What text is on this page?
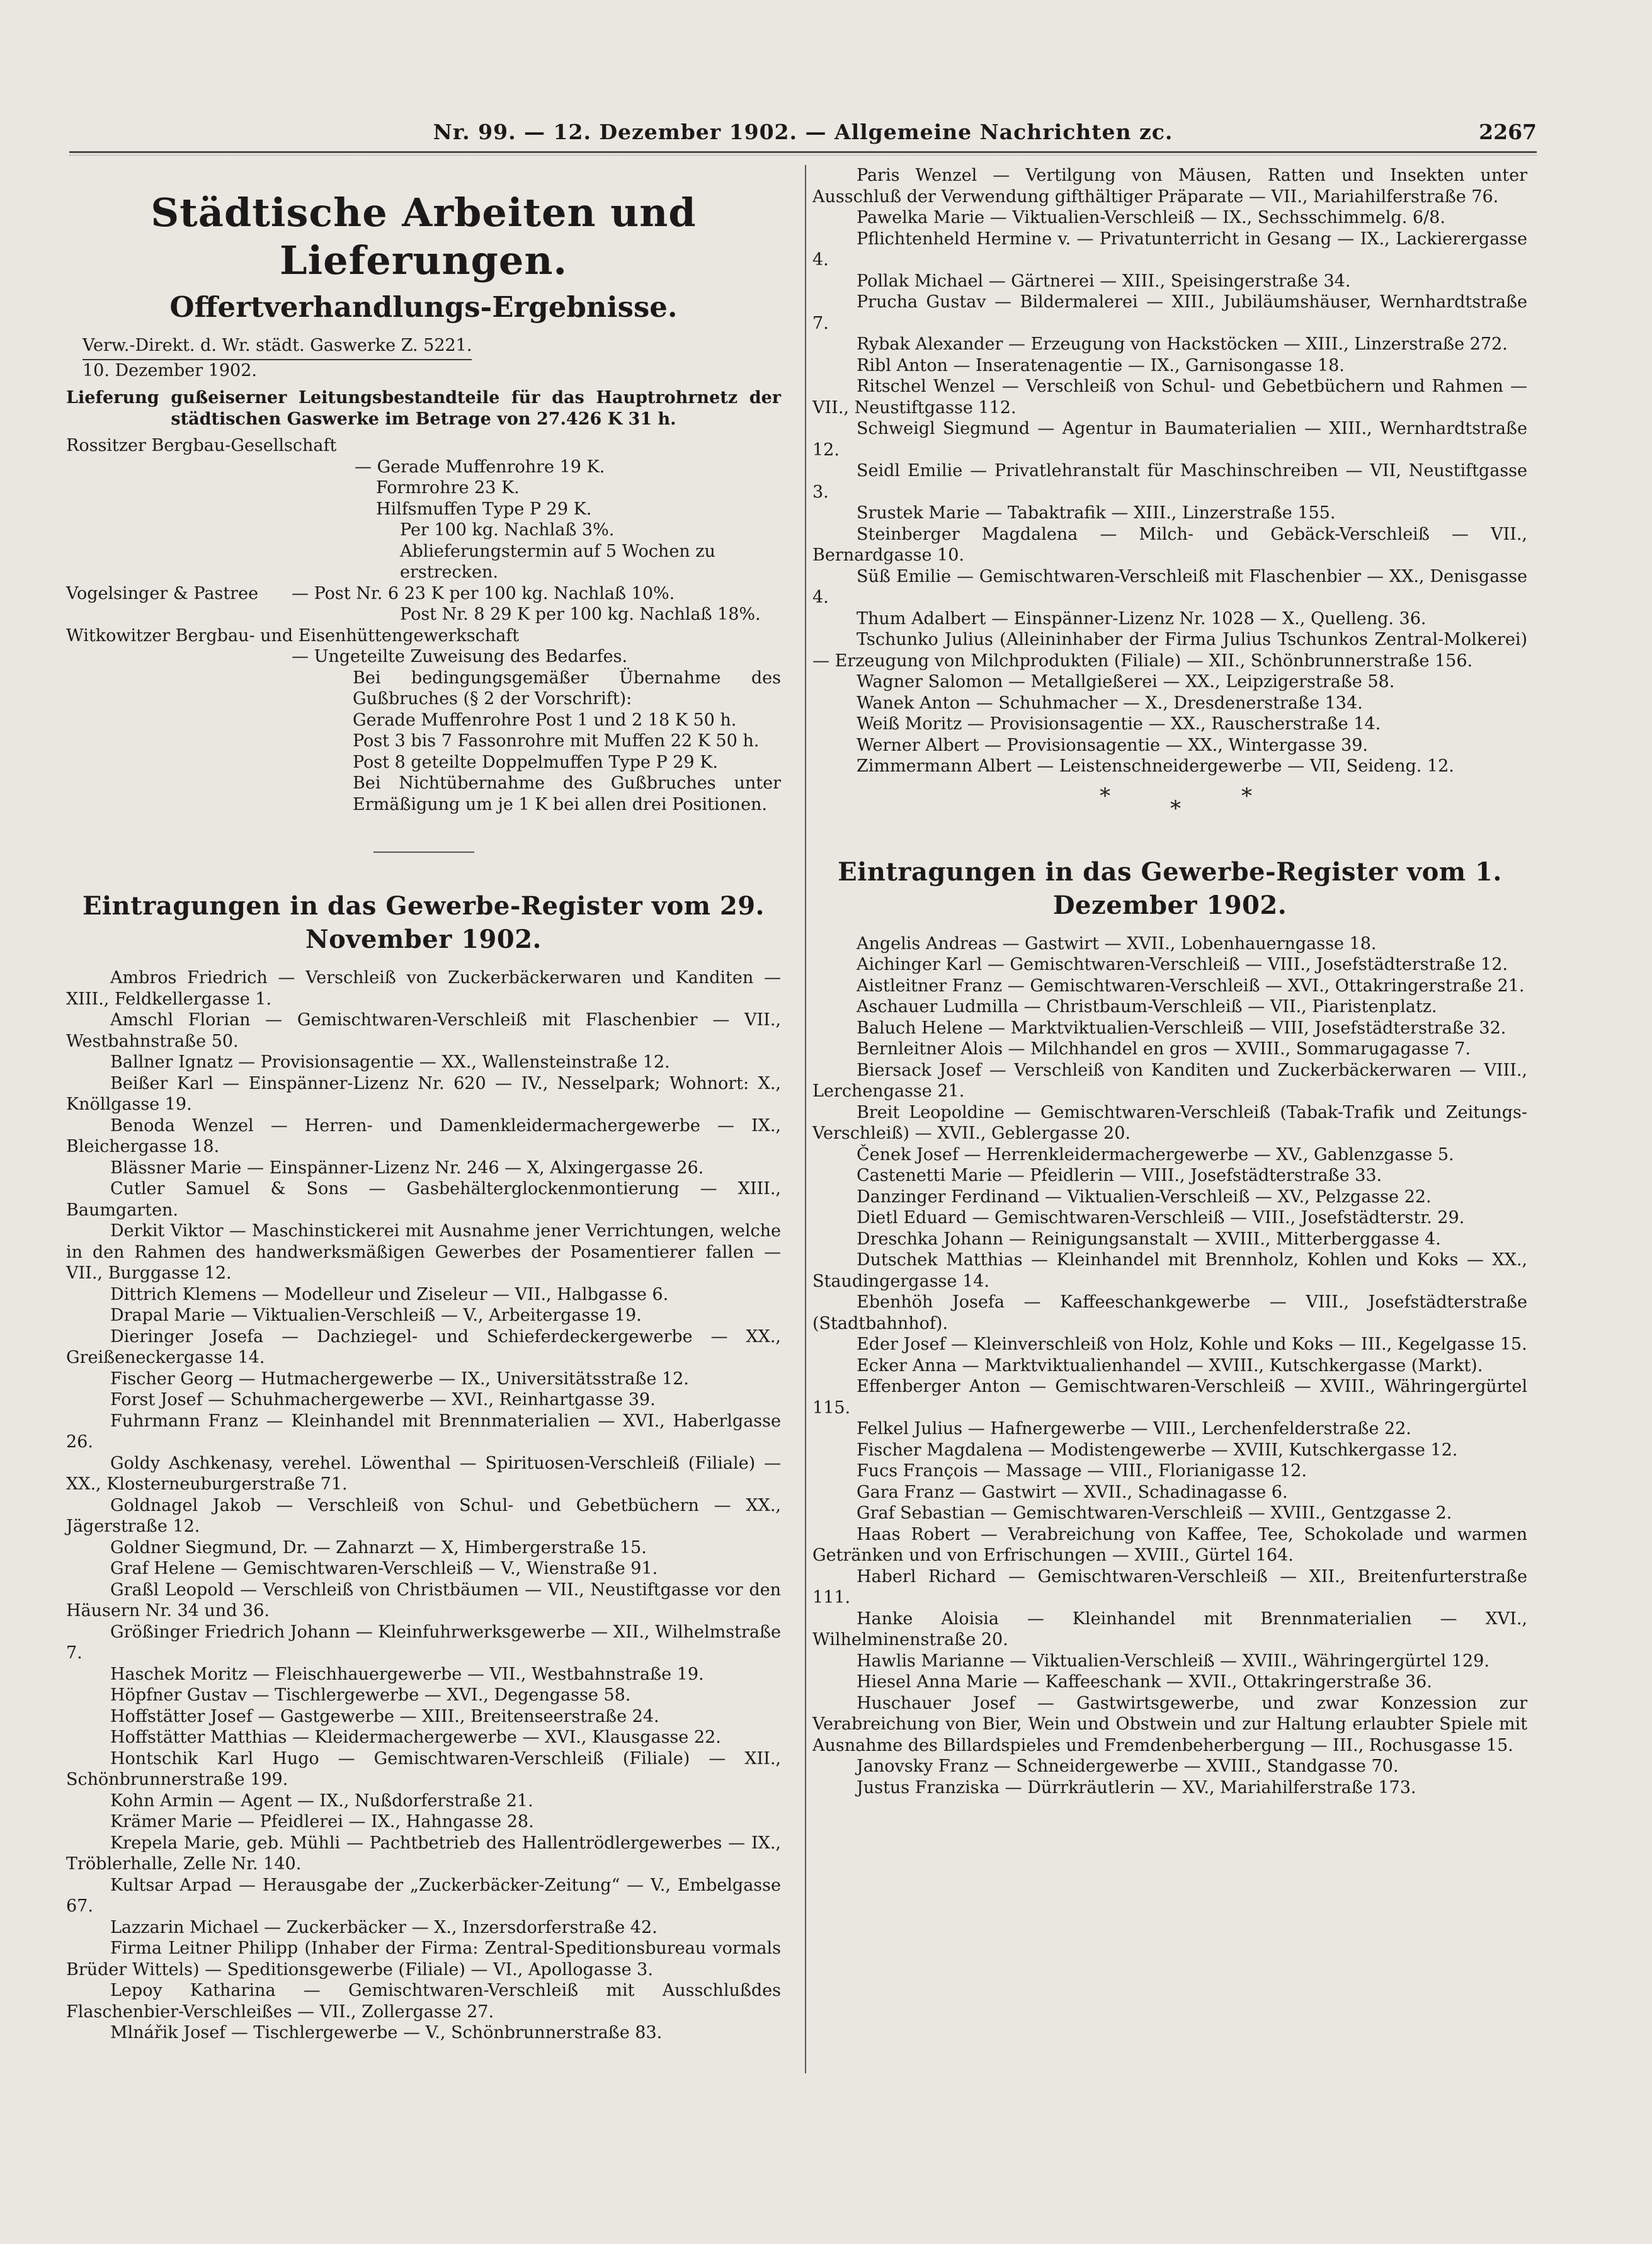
Nr. 99. — 12. Dezember 1902. — Allgemeine Nachrichten zc.	2267
Städtische Arbeiten und Lieferungen.
Offertverhandlungs-Ergebnisse.
Verw.-Direkt. d. Wr. städt. Gaswerke Z. 5221.
10. Dezember 1902.
Lieferung gußeiserner Leitungsbestandteile für das Hauptrohrnetz der städtischen Gaswerke im Betrage von 27.426 K 31 h.
Rossitzer Bergbau-Gesellschaft
— Gerade Muffenrohre 19 K.
Formrohre 23 K.
Hilfsmuffen Type P 29 K.
Per 100 kg. Nachlaß 3%.
Ablieferungstermin auf 5 Wochen zu erstrecken.
Vogelsinger & Pastree — Post Nr. 6 23 K per 100 kg. Nachlaß 10%.
Post Nr. 8 29 K per 100 kg. Nachlaß 18%.
Witkowitzer Bergbau- und Eisenhüttengewerkschaft
— Ungeteilte Zuweisung des Bedarfes.
Bei bedingungsgemäßer Übernahme des Gußbruches (§ 2 der Vorschrift):
Gerade Muffenrohre Post 1 und 2 18 K 50 h.
Post 3 bis 7 Fassonrohre mit Muffen 22 K 50 h.
Post 8 geteilte Doppelmuffen Type P 29 K.
Bei Nichtübernahme des Gußbruches unter Ermäßigung um je 1 K bei allen drei Positionen.
Eintragungen in das Gewerbe-Register vom 29. November 1902.

Ambros Friedrich — Verschleiß von Zuckerbäckerwaren und Kanditen — XIII., Feldkellergasse 1.

Amschl Florian — Gemischtwaren-Verschleiß mit Flaschenbier — VII., Westbahnstraße 50.

Ballner Ignatz — Provisionsagentie — XX., Wallensteinstraße 12.

Beißer Karl — Einspänner-Lizenz Nr. 620 — IV., Nesselpark; Wohnort: X., Knöllgasse 19.

Benoda Wenzel — Herren- und Damenkleidermachergewerbe — IX., Bleichergasse 18.

Blässner Marie — Einspänner-Lizenz Nr. 246 — X, Alxingergasse 26.

Cutler Samuel & Sons — Gasbehälterglockenmontierung — XIII., Baumgarten.

Derkit Viktor — Maschinstickerei mit Ausnahme jener Verrichtungen, welche in den Rahmen des handwerksmäßigen Gewerbes der Posamentierer fallen — VII., Burggasse 12.

Dittrich Klemens — Modelleur und Ziseleur — VII., Halbgasse 6.

Drapal Marie — Viktualien-Verschleiß — V., Arbeitergasse 19.

Dieringer Josefa — Dachziegel- und Schieferdeckergewerbe — XX., Greißeneckergasse 14.

Fischer Georg — Hutmachergewerbe — IX., Universitätsstraße 12.

Forst Josef — Schuhmachergewerbe — XVI., Reinhartgasse 39.

Fuhrmann Franz — Kleinhandel mit Brennmaterialien — XVI., Haberlgasse 26.

Goldy Aschkenasy, verehel. Löwenthal — Spirituosen-Verschleiß (Filiale) — XX., Klosterneuburgerstraße 71.

Goldnagel Jakob — Verschleiß von Schul- und Gebetbüchern — XX., Jägerstraße 12.

Goldner Siegmund, Dr. — Zahnarzt — X, Himbergerstraße 15.

Graf Helene — Gemischtwaren-Verschleiß — V., Wienstraße 91.

Graßl Leopold — Verschleiß von Christbäumen — VII., Neustiftgasse vor den Häusern Nr. 34 und 36.

Größinger Friedrich Johann — Kleinfuhrwerksgewerbe — XII., Wilhelmstraße 7.

Haschek Moritz — Fleischhauergewerbe — VII., Westbahnstraße 19.

Höpfner Gustav — Tischlergewerbe — XVI., Degengasse 58.

Hoffstätter Josef — Gastgewerbe — XIII., Breitenseerstraße 24.

Hoffstätter Matthias — Kleidermachergewerbe — XVI., Klausgasse 22.

Hontschik Karl Hugo — Gemischtwaren-Verschleiß (Filiale) — XII., Schönbrunnerstraße 199.

Kohn Armin — Agent — IX., Nußdorferstraße 21.

Krämer Marie — Pfeidlerei — IX., Hahngasse 28.

Krepela Marie, geb. Mühli — Pachtbetrieb des Hallentrödlergewerbes — IX., Tröblerhalle, Zelle Nr. 140.

Kultsar Arpad — Herausgabe der „Zuckerbäcker-Zeitung“ — V., Embelgasse 67.

Lazzarin Michael — Zuckerbäcker — X., Inzersdorferstraße 42.

Firma Leitner Philipp (Inhaber der Firma: Zentral-Speditionsbureau vormals Brüder Wittels) — Speditionsgewerbe (Filiale) — VI., Apollogasse 3.

Lepoy Katharina — Gemischtwaren-Verschleiß mit Ausschlußdes Flaschenbier-Verschleißes — VII., Zollergasse 27.

Mlnářik Josef — Tischlergewerbe — V., Schönbrunnerstraße 83.

Paris Wenzel — Vertilgung von Mäusen, Ratten und Insekten unter Ausschluß der Verwendung gifthältiger Präparate — VII., Mariahilferstraße 76.

Pawelka Marie — Viktualien-Verschleiß — IX., Sechsschimmelg. 6/8.

Pflichtenheld Hermine v. — Privatunterricht in Gesang — IX., Lackierergasse 4.

Pollak Michael — Gärtnerei — XIII., Speisingerstraße 34.

Prucha Gustav — Bildermalerei — XIII., Jubiläumshäuser, Wernhardtstraße 7.

Rybak Alexander — Erzeugung von Hackstöcken — XIII., Linzerstraße 272.

Ribl Anton — Inseratenagentie — IX., Garnisongasse 18.

Ritschel Wenzel — Verschleiß von Schul- und Gebetbüchern und Rahmen — VII., Neustiftgasse 112.

Schweigl Siegmund — Agentur in Baumaterialien — XIII., Wernhardtstraße 12.

Seidl Emilie — Privatlehranstalt für Maschinschreiben — VII, Neustiftgasse 3.

Srustek Marie — Tabaktrafik — XIII., Linzerstraße 155.

Steinberger Magdalena — Milch- und Gebäck-Verschleiß — VII., Bernardgasse 10.

Süß Emilie — Gemischtwaren-Verschleiß mit Flaschenbier — XX., Denisgasse 4.

Thum Adalbert — Einspänner-Lizenz Nr. 1028 — X., Quelleng. 36.

Tschunko Julius (Alleininhaber der Firma Julius Tschunkos Zentral-Molkerei) — Erzeugung von Milchprodukten (Filiale) — XII., Schönbrunnerstraße 156.

Wagner Salomon — Metallgießerei — XX., Leipzigerstraße 58.

Wanek Anton — Schuhmacher — X., Dresdenerstraße 134.

Weiß Moritz — Provisionsagentie — XX., Rauscherstraße 14.

Werner Albert — Provisionsagentie — XX., Wintergasse 39.

Zimmermann Albert — Leistenschneidergewerbe — VII, Seideng. 12.

*	*	*
Eintragungen in das Gewerbe-Register vom 1. Dezember 1902.

Angelis Andreas — Gastwirt — XVII., Lobenhauerngasse 18.

Aichinger Karl — Gemischtwaren-Verschleiß — VIII., Josefstädterstraße 12.

Aistleitner Franz — Gemischtwaren-Verschleiß — XVI., Ottakringerstraße 21.

Aschauer Ludmilla — Christbaum-Verschleiß — VII., Piaristenplatz.

Baluch Helene — Marktviktualien-Verschleiß — VIII, Josefstädterstraße 32.

Bernleitner Alois — Milchhandel en gros — XVIII., Sommarugagasse 7.

Biersack Josef — Verschleiß von Kanditen und Zuckerbäckerwaren — VIII., Lerchengasse 21.

Breit Leopoldine — Gemischtwaren-Verschleiß (Tabak-Trafik und Zeitungs-Verschleiß) — XVII., Geblergasse 20.

Čenek Josef — Herrenkleidermachergewerbe — XV., Gablenzgasse 5.

Castenetti Marie — Pfeidlerin — VIII., Josefstädterstraße 33.

Danzinger Ferdinand — Viktualien-Verschleiß — XV., Pelzgasse 22.

Dietl Eduard — Gemischtwaren-Verschleiß — VIII., Josefstädterstr. 29.

Dreschka Johann — Reinigungsanstalt — XVIII., Mitterberggasse 4.

Dutschek Matthias — Kleinhandel mit Brennholz, Kohlen und Koks — XX., Staudingergasse 14.

Ebenhöh Josefa — Kaffeeschankgewerbe — VIII., Josefstädterstraße (Stadtbahnhof).

Eder Josef — Kleinverschleiß von Holz, Kohle und Koks — III., Kegelgasse 15.

Ecker Anna — Marktviktualienhandel — XVIII., Kutschkergasse (Markt).

Effenberger Anton — Gemischtwaren-Verschleiß — XVIII., Währingergürtel 115.

Felkel Julius — Hafnergewerbe — VIII., Lerchenfelderstraße 22.

Fischer Magdalena — Modistengewerbe — XVIII, Kutschkergasse 12.

Fucs François — Massage — VIII., Florianigasse 12.

Gara Franz — Gastwirt — XVII., Schadinagasse 6.

Graf Sebastian — Gemischtwaren-Verschleiß — XVIII., Gentzgasse 2.

Haas Robert — Verabreichung von Kaffee, Tee, Schokolade und warmen Getränken und von Erfrischungen — XVIII., Gürtel 164.

Haberl Richard — Gemischtwaren-Verschleiß — XII., Breitenfurterstraße 111.

Hanke Aloisia — Kleinhandel mit Brennmaterialien — XVI., Wilhelminenstraße 20.

Hawlis Marianne — Viktualien-Verschleiß — XVIII., Währingergürtel 129.

Hiesel Anna Marie — Kaffeeschank — XVII., Ottakringerstraße 36.

Huschauer Josef — Gastwirtsgewerbe, und zwar Konzession zur Verabreichung von Bier, Wein und Obstwein und zur Haltung erlaubter Spiele mit Ausnahme des Billardspieles und Fremdenbeherbergung — III., Rochusgasse 15.

Janovsky Franz — Schneidergewerbe — XVIII., Standgasse 70.

Justus Franziska — Dürrkräutlerin — XV., Mariahilferstraße 173.
